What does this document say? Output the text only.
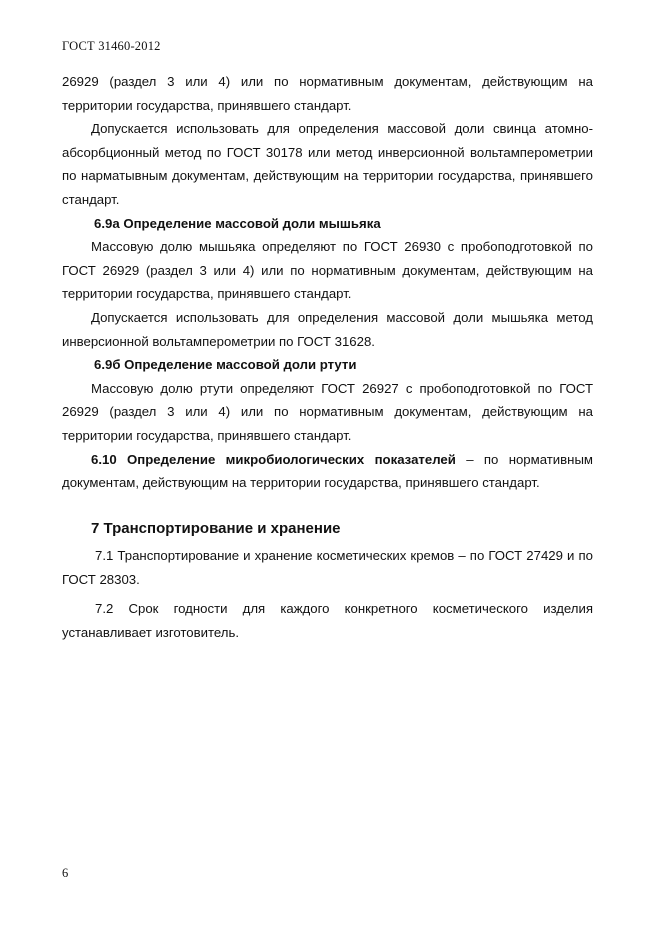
ГОСТ 31460-2012

26929 (раздел 3 или 4) или по нормативным документам, действующим на территории государства, принявшего стандарт.

Допускается использовать для определения массовой доли свинца атомно-абсорбционный метод по ГОСТ 30178 или метод инверсионной вольтамперометрии по нарматывным документам, действующим на территории государства, принявшего стандарт.

6.9а Определение массовой доли мышьяка

Массовую долю мышьяка определяют по ГОСТ 26930 с пробоподготовкой по ГОСТ 26929 (раздел 3 или 4) или по нормативным документам, действующим на территории государства, принявшего стандарт.

Допускается использовать для определения массовой доли мышьяка метод инверсионной вольтамперометрии по ГОСТ 31628.

6.9б Определение массовой доли ртути

Массовую долю ртути определяют ГОСТ 26927 с пробоподготовкой по ГОСТ 26929 (раздел 3 или 4) или по нормативным документам, действующим на территории государства, принявшего стандарт.

6.10 Определение микробиологических показателей – по нормативным документам, действующим на территории государства, принявшего стандарт.

7 Транспортирование и хранение

7.1 Транспортирование и хранение косметических кремов – по ГОСТ 27429 и по ГОСТ 28303.

7.2 Срок годности для каждого конкретного косметического изделия устанавливает изготовитель.

6
